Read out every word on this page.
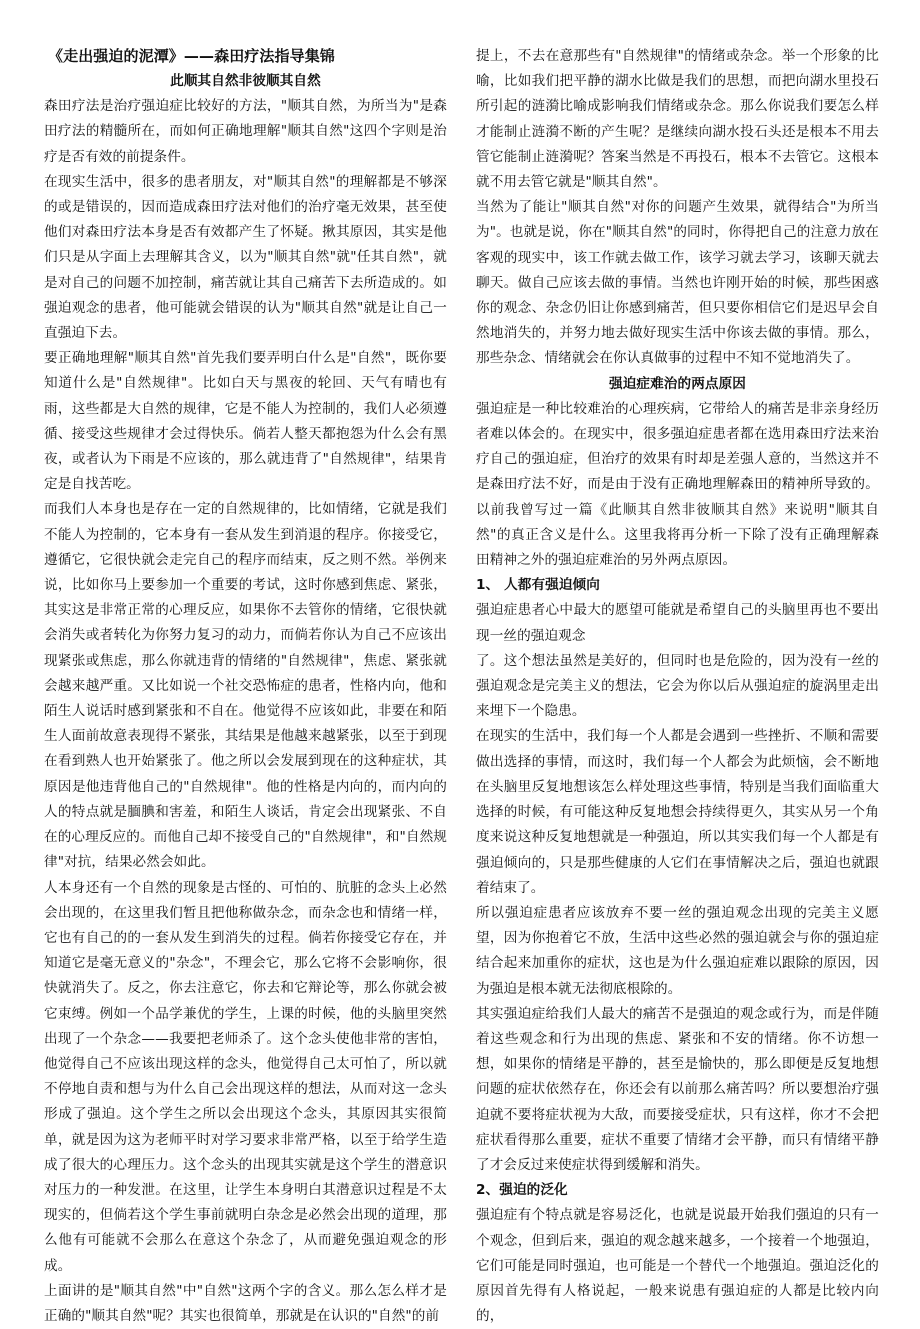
《走出强迫的泥潭》——森田疗法指导集锦

此顺其自然非彼顺其自然

森田疗法是治疗强迫症比较好的方法，"顺其自然，为所当为"是森田疗法的精髓所在，而如何正确地理解"顺其自然"这四个字则是治疗是否有效的前提条件。

在现实生活中，很多的患者朋友，对"顺其自然"的理解都是不够深的或是错误的，因而造成森田疗法对他们的治疗毫无效果，甚至使他们对森田疗法本身是否有效都产生了怀疑。揪其原因，其实是他们只是从字面上去理解其含义，以为"顺其自然"就"任其自然"，就是对自己的问题不加控制，痛苦就让其自己痛苦下去所造成的。如强迫观念的患者，他可能就会错误的认为"顺其自然"就是让自己一直强迫下去。

要正确地理解"顺其自然"首先我们要弄明白什么是"自然"，既你要知道什么是"自然规律"。比如白天与黑夜的轮回、天气有晴也有雨，这些都是大自然的规律，它是不能人为控制的，我们人必须遵循、接受这些规律才会过得快乐。倘若人整天都抱怨为什么会有黑夜，或者认为下雨是不应该的，那么就违背了"自然规律"，结果肯定是自找苦吃。

而我们人本身也是存在一定的自然规律的，比如情绪，它就是我们不能人为控制的，它本身有一套从发生到消退的程序。你接受它，遵循它，它很快就会走完自己的程序而结束，反之则不然。举例来说，比如你马上要参加一个重要的考试，这时你感到焦虑、紧张，其实这是非常正常的心理反应，如果你不去管你的情绪，它很快就会消失或者转化为你努力复习的动力，而倘若你认为自己不应该出现紧张或焦虑，那么你就违背的情绪的"自然规律"，焦虑、紧张就会越来越严重。又比如说一个社交恐怖症的患者，性格内向，他和陌生人说话时感到紧张和不自在。他觉得不应该如此，非要在和陌生人面前故意表现得不紧张，其结果是他越来越紧张，以至于到现在看到熟人也开始紧张了。他之所以会发展到现在的这种症状，其原因是他违背他自己的"自然规律"。他的性格是内向的，而内向的人的特点就是腼腆和害羞，和陌生人谈话，肯定会出现紧张、不自在的心理反应的。而他自己却不接受自己的"自然规律"，和"自然规律"对抗，结果必然会如此。

人本身还有一个自然的现象是古怪的、可怕的、肮脏的念头上必然会出现的，在这里我们暂且把他称做杂念，而杂念也和情绪一样，它也有自己的的一套从发生到消失的过程。倘若你接受它存在，并知道它是毫无意义的"杂念"，不理会它，那么它将不会影响你，很快就消失了。反之，你去注意它，你去和它辩论等，那么你就会被它束缚。例如一个品学兼优的学生，上课的时候，他的头脑里突然出现了一个杂念——我要把老师杀了。这个念头使他非常的害怕，他觉得自己不应该出现这样的念头，他觉得自己太可怕了，所以就不停地自责和想与为什么自己会出现这样的想法，从而对这一念头形成了强迫。这个学生之所以会出现这个念头，其原因其实很简单，就是因为这为老师平时对学习要求非常严格，以至于给学生造成了很大的心理压力。这个念头的出现其实就是这个学生的潜意识对压力的一种发泄。在这里，让学生本身明白其潜意识过程是不太现实的，但倘若这个学生事前就明白杂念是必然会出现的道理，那么他有可能就不会那么在意这个杂念了，从而避免强迫观念的形成。

上面讲的是"顺其自然"中"自然"这两个字的含义。那么怎么样才是正确的"顺其自然"呢？其实也很简单，那就是在认识的"自然"的前

提上，不去在意那些有"自然规律"的情绪或杂念。举一个形象的比喻，比如我们把平静的湖水比做是我们的思想，而把向湖水里投石所引起的涟漪比喻成影响我们情绪或杂念。那么你说我们要怎么样才能制止涟漪不断的产生呢？是继续向湖水投石头还是根本不用去管它能制止涟漪呢？答案当然是不再投石，根本不去管它。这根本就不用去管它就是"顺其自然"。

当然为了能让"顺其自然"对你的问题产生效果，就得结合"为所当为"。也就是说，你在"顺其自然"的同时，你得把自己的注意力放在客观的现实中，该工作就去做工作，该学习就去学习，该聊天就去聊天。做自己应该去做的事情。当然也许刚开始的时候，那些困惑你的观念、杂念仍旧让你感到痛苦，但只要你相信它们是迟早会自然地消失的，并努力地去做好现实生活中你该去做的事情。那么，那些杂念、情绪就会在你认真做事的过程中不知不觉地消失了。

强迫症难治的两点原因

强迫症是一种比较难治的心理疾病，它带给人的痛苦是非亲身经历者难以体会的。在现实中，很多强迫症患者都在选用森田疗法来治疗自己的强迫症，但治疗的效果有时却是差强人意的，当然这并不是森田疗法不好，而是由于没有正确地理解森田的精神所导致的。以前我曾写过一篇《此顺其自然非彼顺其自然》来说明"顺其自然"的真正含义是什么。这里我将再分析一下除了没有正确理解森田精神之外的强迫症难治的另外两点原因。

1、 人都有强迫倾向

强迫症患者心中最大的愿望可能就是希望自己的头脑里再也不要出现一丝的强迫观念

了。这个想法虽然是美好的，但同时也是危险的，因为没有一丝的强迫观念是完美主义的想法，它会为你以后从强迫症的旋涡里走出来埋下一个隐患。

在现实的生活中，我们每一个人都是会遇到一些挫折、不顺和需要做出选择的事情，而这时，我们每一个人都会为此烦恼，会不断地在头脑里反复地想该怎么样处理这些事情，特别是当我们面临重大选择的时候，有可能这种反复地想会持续得更久，其实从另一个角度来说这种反复地想就是一种强迫，所以其实我们每一个人都是有强迫倾向的，只是那些健康的人它们在事情解决之后，强迫也就跟着结束了。

所以强迫症患者应该放弃不要一丝的强迫观念出现的完美主义愿望，因为你抱着它不放，生活中这些必然的强迫就会与你的强迫症结合起来加重你的症状，这也是为什么强迫症难以跟除的原因，因为强迫是根本就无法彻底根除的。

其实强迫症给我们人最大的痛苦不是强迫的观念或行为，而是伴随着这些观念和行为出现的焦虑、紧张和不安的情绪。你不访想一想，如果你的情绪是平静的，甚至是愉快的，那么即便是反复地想问题的症状依然存在，你还会有以前那么痛苦吗？所以要想治疗强迫就不要将症状视为大敌，而要接受症状，只有这样，你才不会把症状看得那么重要，症状不重要了情绪才会平静，而只有情绪平静了才会反过来使症状得到缓解和消失。

2、强迫的泛化

强迫症有个特点就是容易泛化，也就是说最开始我们强迫的只有一个观念，但到后来，强迫的观念越来越多，一个接着一个地强迫，它们可能是同时强迫，也可能是一个替代一个地强迫。强迫泛化的原因首先得有人格说起，一般来说患有强迫症的人都是比较内向的，
